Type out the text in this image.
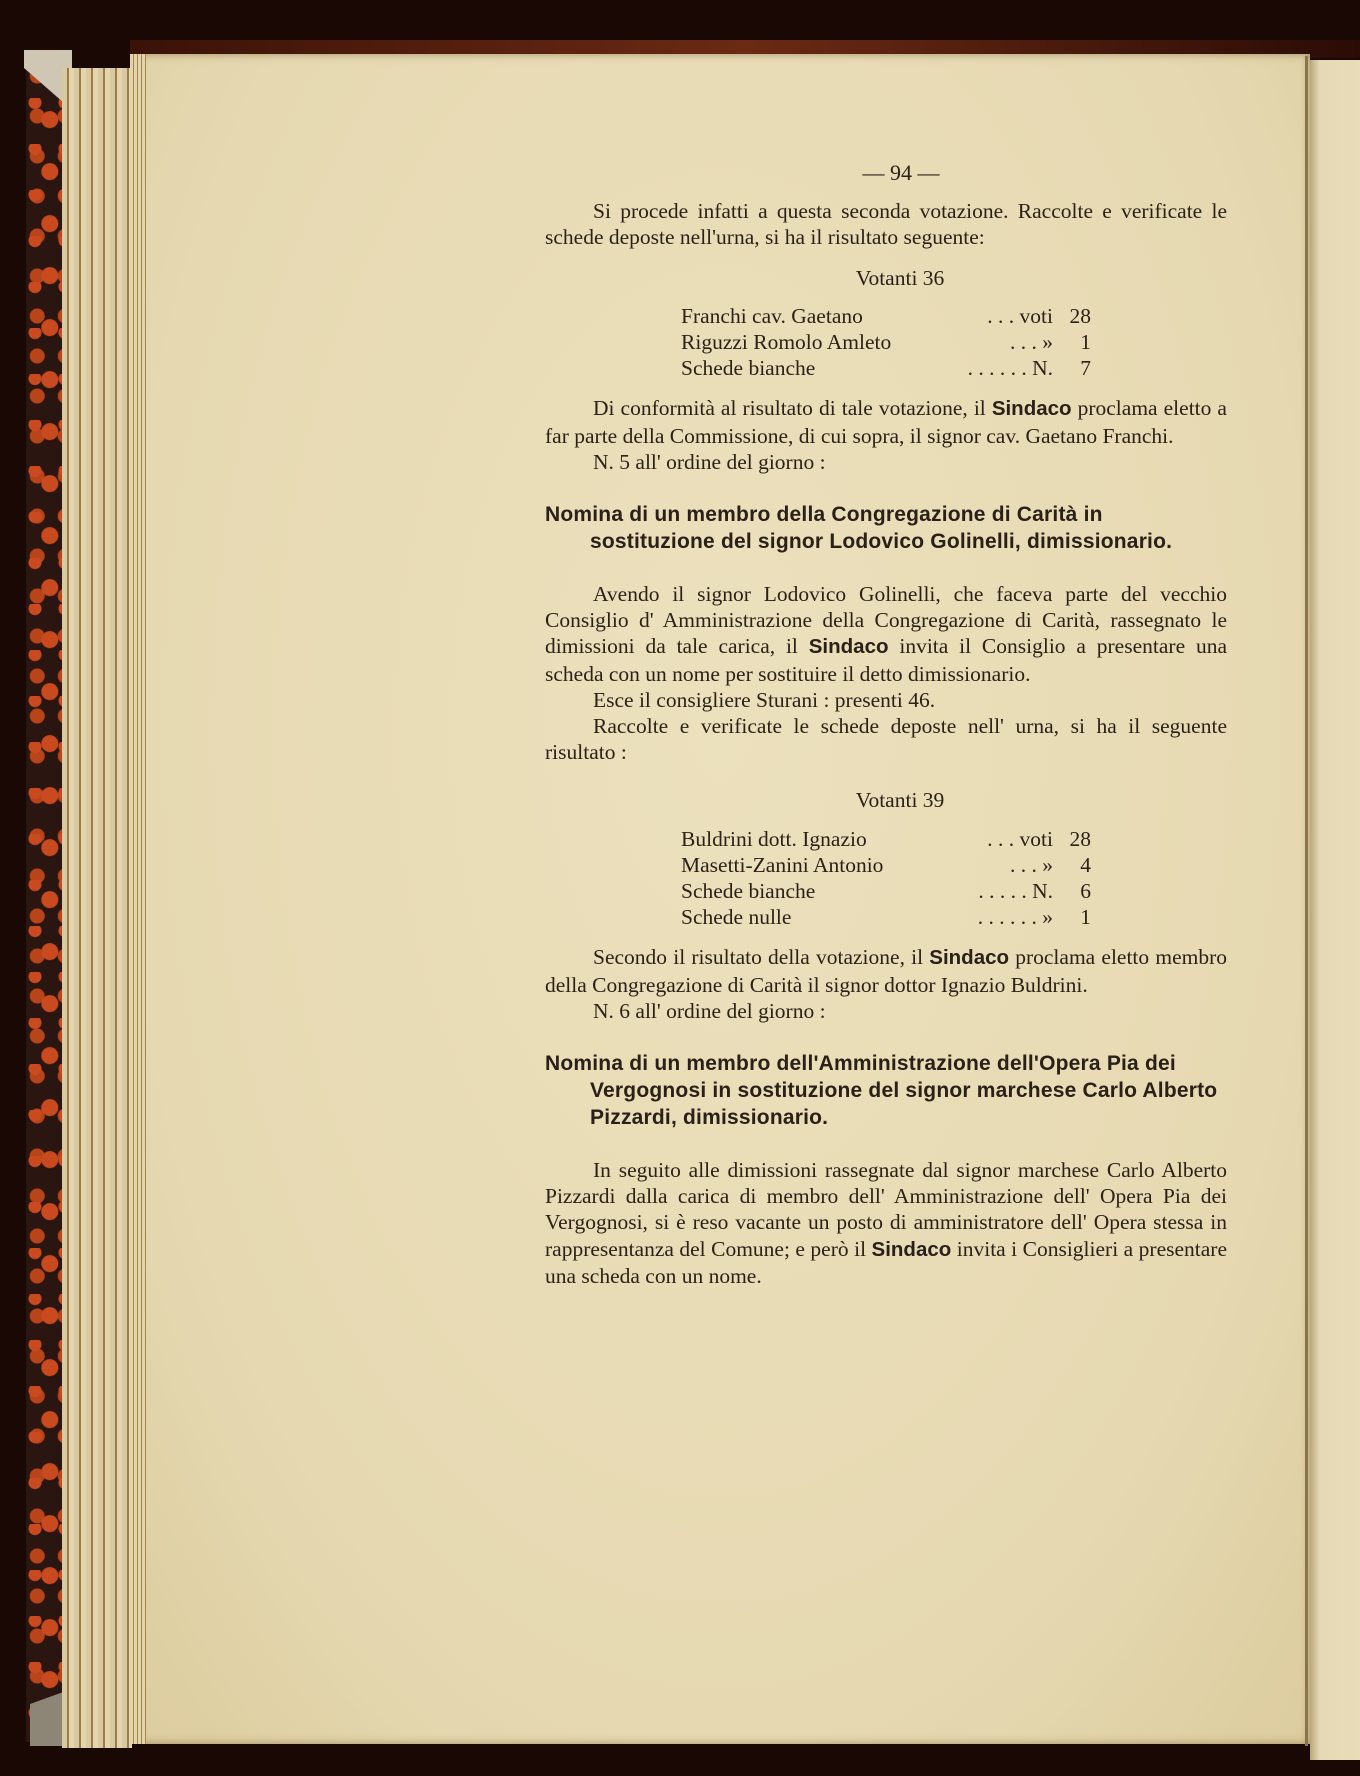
— 94 —

Si procede infatti a questa seconda votazione. Raccolte e verificate le schede deposte nell'urna, si ha il risultato seguente:

Votanti 36
Franchi cav. Gaetano	. . . voti 28
Riguzzi Romolo Amleto	. . . »	1
Schede bianche	. . . . . . N.	7

Di conformità al risultato di tale votazione, il Sindaco proclama eletto a far parte della Commissione, di cui sopra, il signor cav. Gaetano Franchi.

N. 5 all' ordine del giorno :

Nomina di un membro della Congregazione di Carità in sostituzione del signor Lodovico Golinelli, dimissionario.

Avendo il signor Lodovico Golinelli, che faceva parte del vecchio Consiglio d' Amministrazione della Congregazione di Carità, rassegnato le dimissioni da tale carica, il Sindaco invita il Consiglio a presentare una scheda con un nome per sostituire il detto dimissionario.

Esce il consigliere Sturani : presenti 46.

Raccolte e verificate le schede deposte nell' urna, si ha il seguente risultato :

Votanti 39
Buldrini dott. Ignazio	. . . voti 28
Masetti-Zanini Antonio	. . . »	4
Schede bianche	. . . . . N.	6
Schede nulle	. . . . . . »	1

Secondo il risultato della votazione, il Sindaco proclama eletto membro della Congregazione di Carità il signor dottor Ignazio Buldrini.

N. 6 all' ordine del giorno :

Nomina di un membro dell'Amministrazione dell'Opera Pia dei Vergognosi in sostituzione del signor marchese Carlo Alberto Pizzardi, dimissionario.

In seguito alle dimissioni rassegnate dal signor marchese Carlo Alberto Pizzardi dalla carica di membro dell' Amministrazione dell' Opera Pia dei Vergognosi, si è reso vacante un posto di amministratore dell' Opera stessa in rappresentanza del Comune; e però il Sindaco invita i Consiglieri a presentare una scheda con un nome.
